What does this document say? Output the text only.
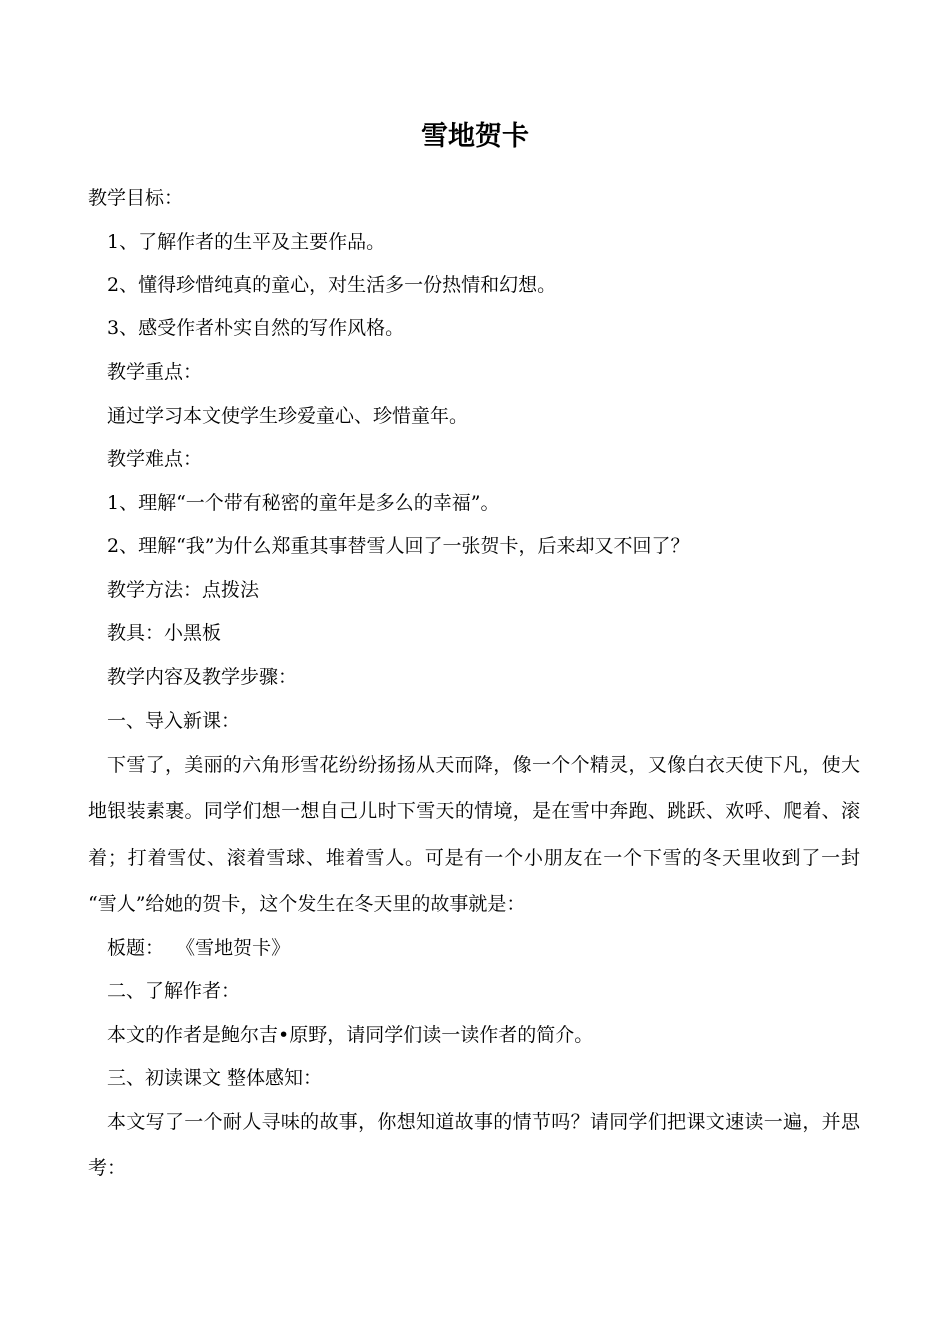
雪地贺卡
教学目标：
1、了解作者的生平及主要作品。
2、懂得珍惜纯真的童心，对生活多一份热情和幻想。
3、感受作者朴实自然的写作风格。
教学重点：
通过学习本文使学生珍爱童心、珍惜童年。
教学难点：
1、理解“一个带有秘密的童年是多么的幸福”。
2、理解“我”为什么郑重其事替雪人回了一张贺卡，后来却又不回了？
教学方法：点拨法
教具：小黑板
教学内容及教学步骤：
一、导入新课：
下雪了，美丽的六角形雪花纷纷扬扬从天而降，像一个个精灵，又像白衣天使下凡，使大
地银装素裹。同学们想一想自己儿时下雪天的情境，是在雪中奔跑、跳跃、欢呼、爬着、滚
着；打着雪仗、滚着雪球、堆着雪人。可是有一个小朋友在一个下雪的冬天里收到了一封
“雪人”给她的贺卡，这个发生在冬天里的故事就是：
板题：  《雪地贺卡》
二、了解作者：
本文的作者是鲍尔吉•原野，请同学们读一读作者的简介。
三、初读课文 整体感知：
本文写了一个耐人寻味的故事，你想知道故事的情节吗？请同学们把课文速读一遍，并思
考：
